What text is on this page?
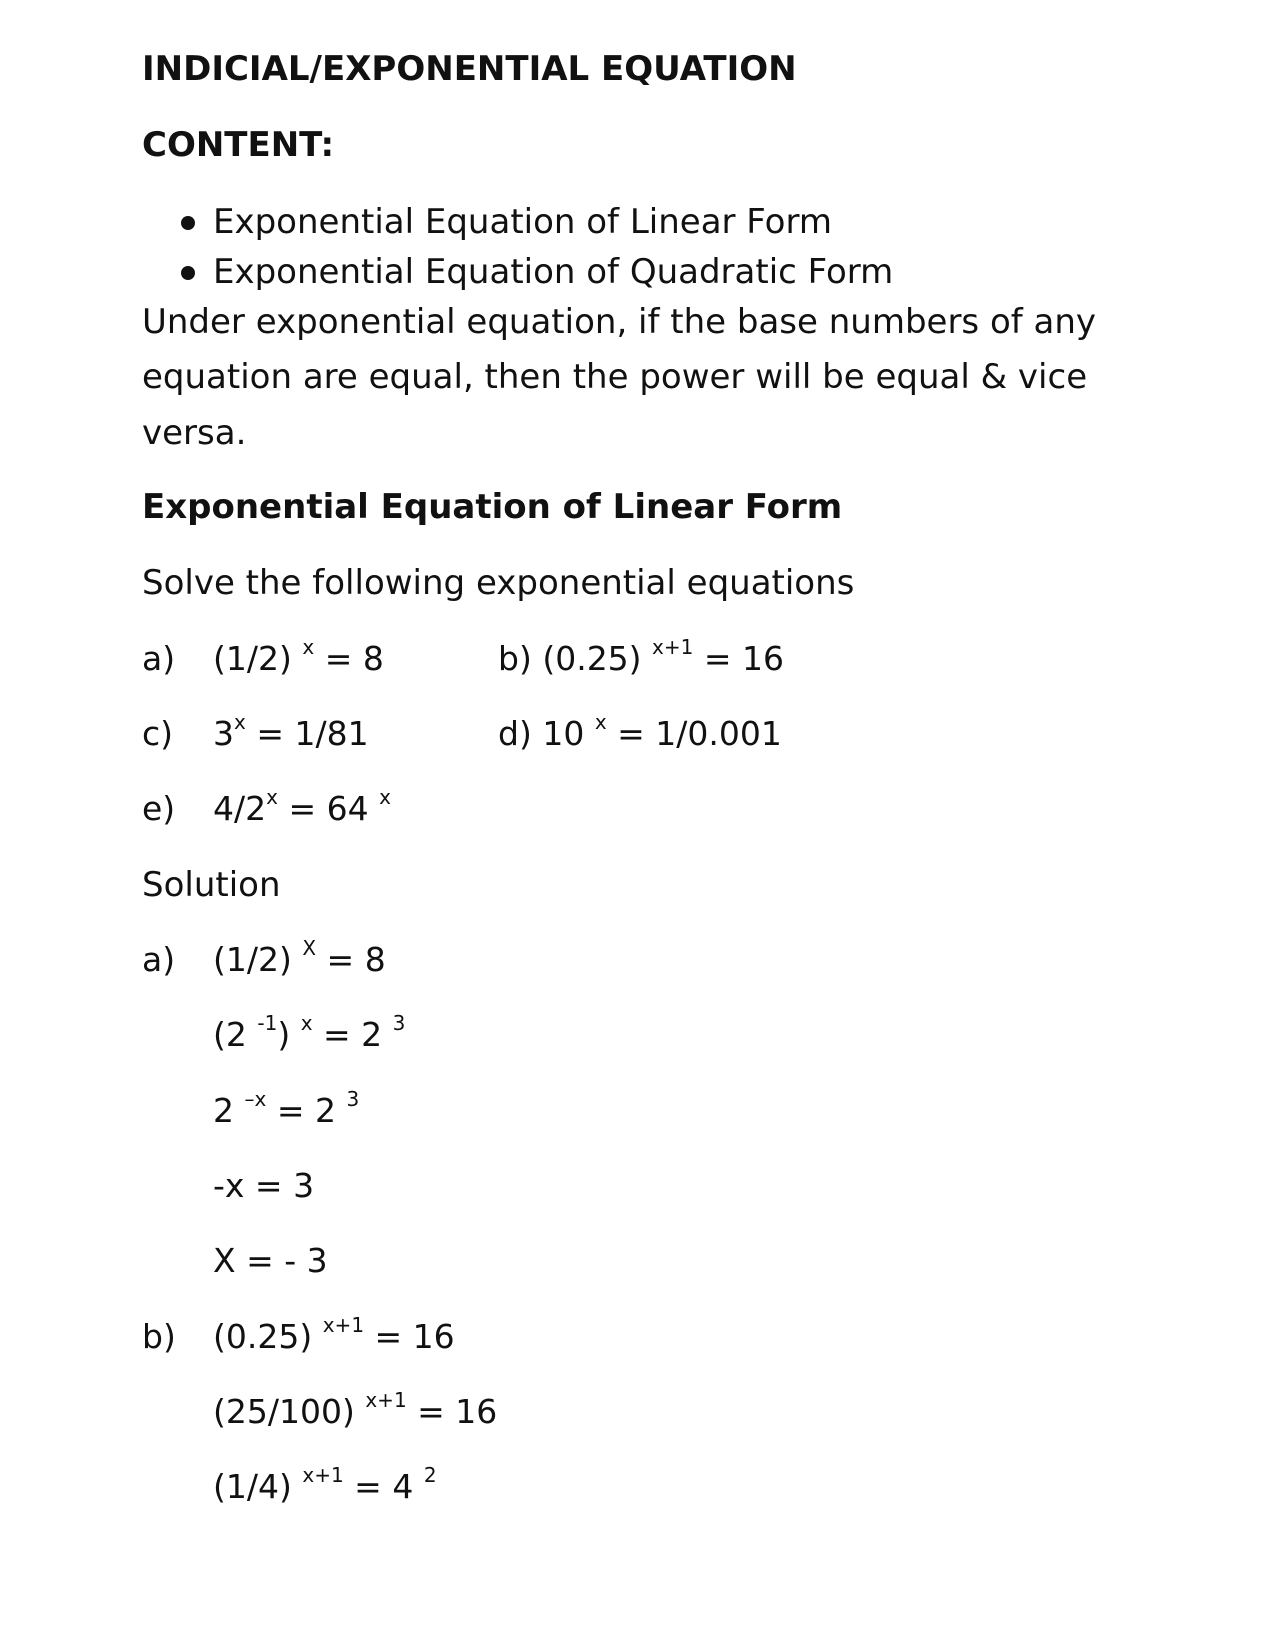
INDICIAL/EXPONENTIAL EQUATION
CONTENT:
Exponential Equation of Linear Form
Exponential Equation of Quadratic Form
Under exponential equation, if the base numbers of any
equation are equal, then the power will be equal & vice
versa.
Exponential Equation of Linear Form
Solve the following exponential equations
a) (1/2) $^x$ = 8	b) (0.25) $^{x+1}$ = 16
c) $3^x = 1/81$	d) 10 $^x$ = 1/0.001
e) $4/2^x = 64$ $^x$
Solution
a) (1/2) $^X$ = 8
(2 $^{-1}$) $^x$ = 2 $^3$
2 $^{-x}$ = 2 $^3$
-x = 3
X = - 3
b) (0.25) $^{x+1}$ = 16
(25/100) $^{x+1}$ = 16
(1/4) $^{x+1}$ = 4 $^2$
